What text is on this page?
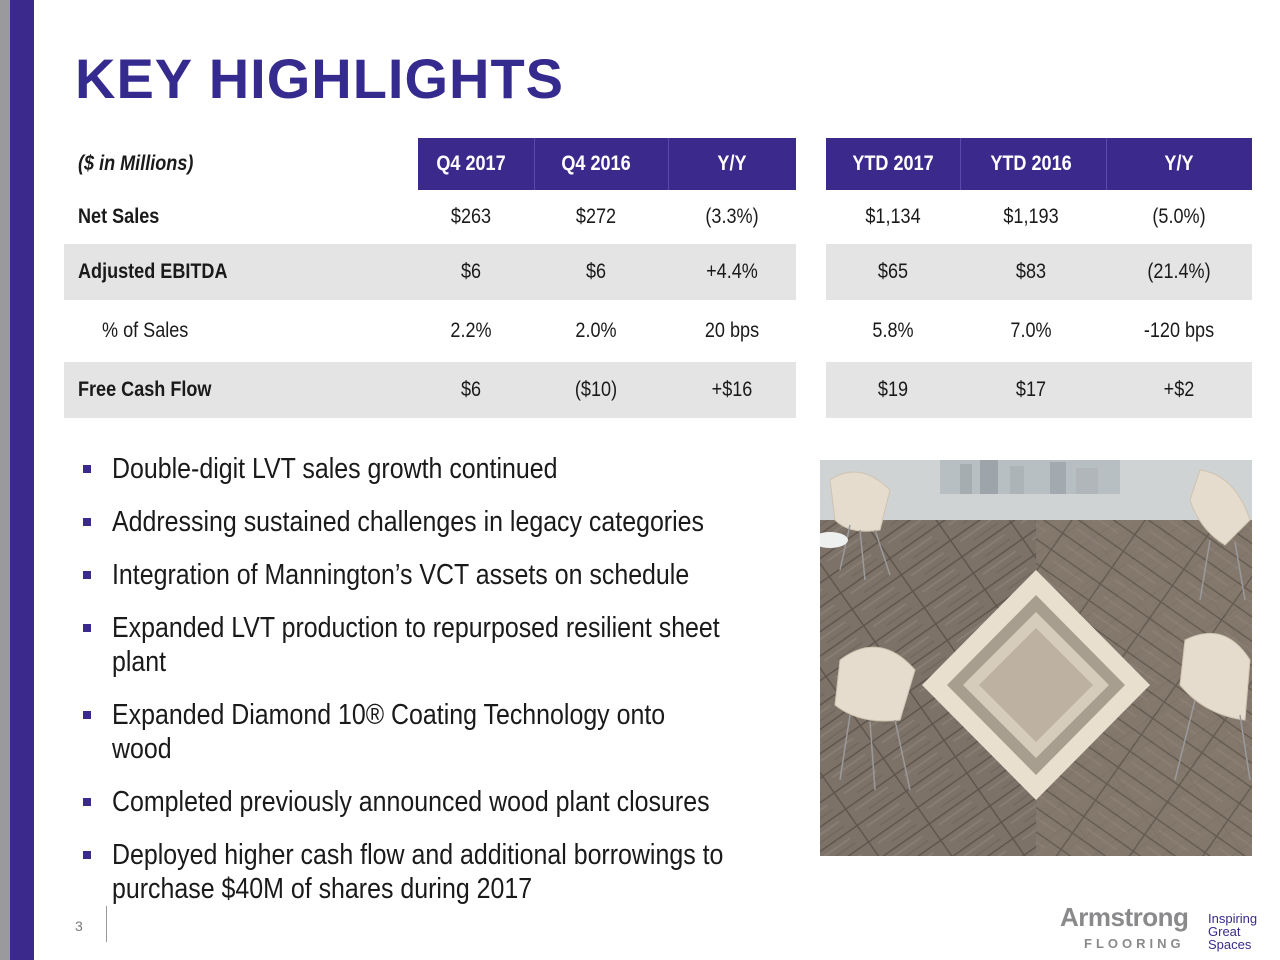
KEY HIGHLIGHTS
($ in Millions)	Q4 2017	Q4 2016	Y/Y	YTD 2017	YTD 2016	Y/Y
Net Sales	$263	$272	(3.3%)	$1,134	$1,193	(5.0%)
Adjusted EBITDA	$6	$6	+4.4%	$65	$83	(21.4%)
% of Sales	2.2%	2.0%	20 bps	5.8%	7.0%	-120 bps
Free Cash Flow	$6	($10)	+$16	$19	$17	+$2
Double-digit LVT sales growth continued
Addressing sustained challenges in legacy categories
Integration of Mannington’s VCT assets on schedule
Expanded LVT production to repurposed resilient sheet plant
Expanded Diamond 10® Coating Technology onto wood
Completed previously announced wood plant closures
Deployed higher cash flow and additional borrowings to purchase $40M of shares during 2017
3	Armstrong
FLOORING
Inspiring
Great
Spaces
